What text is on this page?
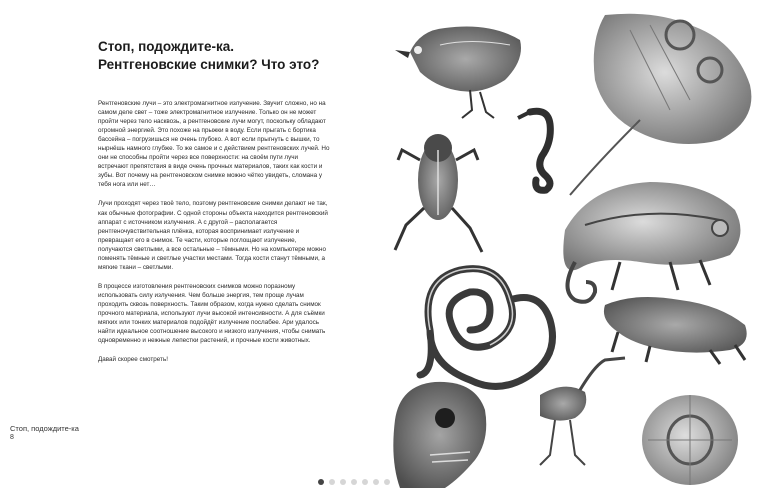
Стоп, подождите-ка.
Рентгеновские снимки? Что это?

Рентгеновские лучи – это электромагнитное излучение. Звучит сложно, но на самом деле свет – тоже электромагнитное излучение. Только он не может пройти через тело насквозь, а рентгеновские лучи могут, поскольку обладают огромной энергией. Это похоже на прыжки в воду. Если прыгать с бортика бассейна – погрузишься не очень глубоко. А вот если прыгнуть с вышки, то нырнёшь намного глубже. То же самое и с действием рентгеновских лучей. Но они не способны пройти через все поверхности: на своём пути лучи встречают препятствия в виде очень прочных материалов, таких как кости и зубы. Вот почему на рентгеновском снимке можно чётко увидеть, сломана у тебя нога или нет…

Лучи проходят через твоё тело, поэтому рентгеновские снимки делают не так, как обычные фотографии. С одной стороны объекта находится рентгеновский аппарат с источником излучения. А с другой – располагается рентгеночувствительная плёнка, которая воспринимает излучение и превращает его в снимок. Те части, которые поглощают излучение, получаются светлыми, а все остальные – тёмными. Но на компьютере можно поменять тёмные и светлые участки местами. Тогда кости станут тёмными, а мягкие ткани – светлыми.

В процессе изготовления рентгеновских снимков можно поразному использовать силу излучения. Чем больше энергия, тем проще лучам проходить сквозь поверхность. Таким образом, когда нужно сделать снимок прочного материала, используют лучи высокой интенсивности. А для съёмки мягких или тонких материалов подойдёт излучение послабее. Ари удалось найти идеальное соотношение высокого и низкого излучения, чтобы снимать одновременно и нежные лепестки растений, и прочные кости животных.

Давай скорее смотреть!

Стоп, подождите-ка
8
